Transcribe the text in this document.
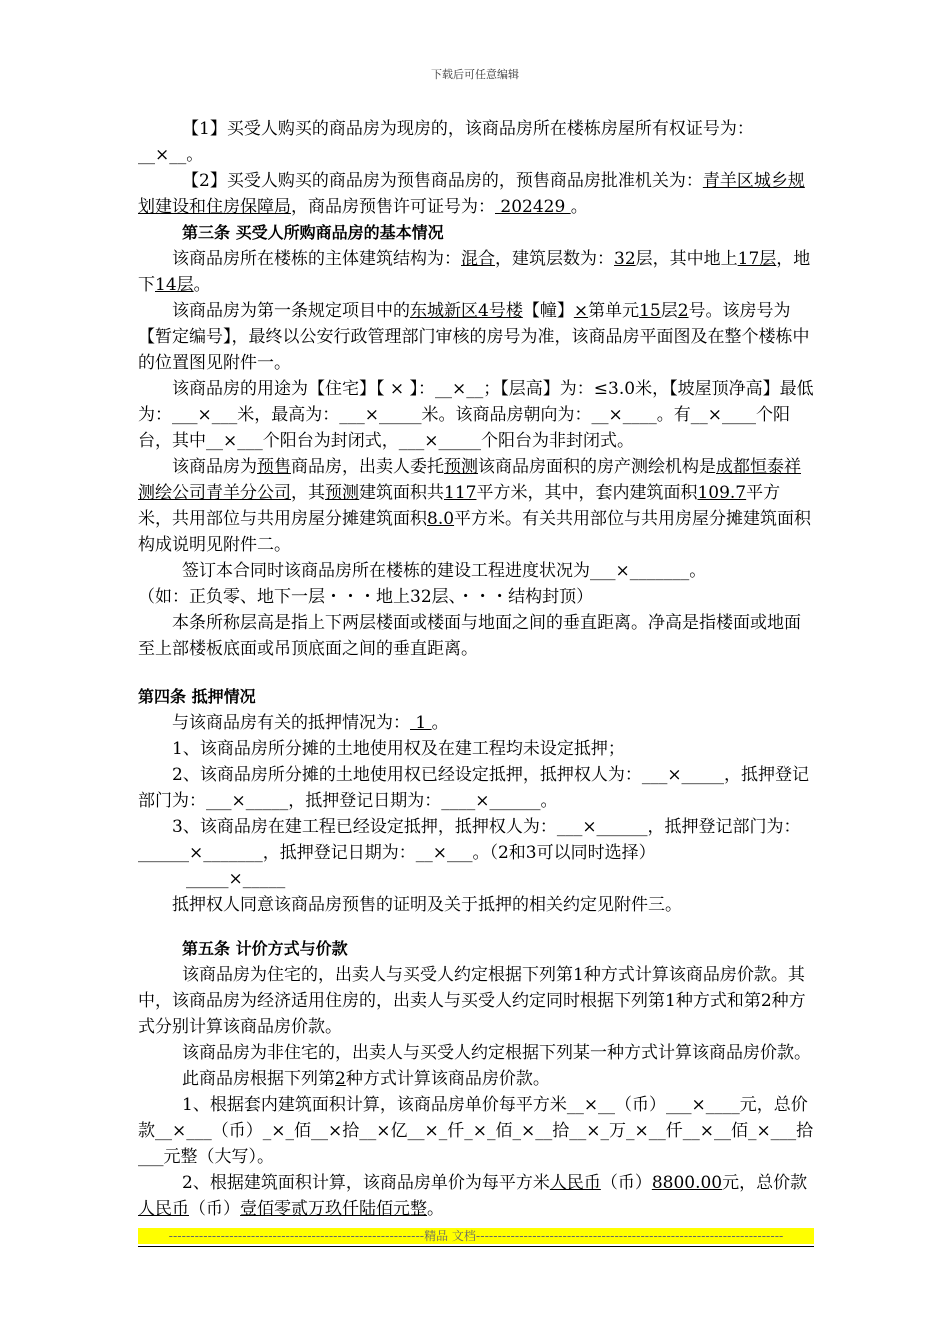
下载后可任意编辑

【1】买受人购买的商品房为现房的，该商品房所在楼栋房屋所有权证号为：__×__。

【2】买受人购买的商品房为预售商品房的，预售商品房批准机关为：青羊区城乡规划建设和住房保障局，商品房预售许可证号为： 202429 。

第三条 买受人所购商品房的基本情况

该商品房所在楼栋的主体建筑结构为：混合，建筑层数为：32层，其中地上17层，地下14层。

该商品房为第一条规定项目中的东城新区4号楼【幢】×第单元15层2号。该房号为【暂定编号】，最终以公安行政管理部门审核的房号为准，该商品房平面图及在整个楼栋中的位置图见附件一。

该商品房的用途为【住宅】【 × 】：__×__；【层高】为：≤3.0米，【坡屋顶净高】最低为：___×___米，最高为：___×_____米。该商品房朝向为：__×____。有__×____个阳台，其中__×___个阳台为封闭式，___×_____个阳台为非封闭式。

该商品房为预售商品房，出卖人委托预测该商品房面积的房产测绘机构是成都恒泰祥测绘公司青羊分公司，其预测建筑面积共117平方米，其中，套内建筑面积109.7平方米，共用部位与共用房屋分摊建筑面积8.0平方米。有关共用部位与共用房屋分摊建筑面积构成说明见附件二。

签订本合同时该商品房所在楼栋的建设工程进度状况为___×_______。

（如：正负零、地下一层・・・地上32层、・・・结构封顶）

本条所称层高是指上下两层楼面或楼面与地面之间的垂直距离。净高是指楼面或地面至上部楼板底面或吊顶底面之间的垂直距离。

第四条 抵押情况

与该商品房有关的抵押情况为： 1 。

1、该商品房所分摊的土地使用权及在建工程均未设定抵押；

2、该商品房所分摊的土地使用权已经设定抵押，抵押权人为：___×_____，抵押登记部门为：___×_____，抵押登记日期为：____×______。

3、该商品房在建工程已经设定抵押，抵押权人为：___×______，抵押登记部门为：______×_______，抵押登记日期为：__×___。（2和3可以同时选择）

_____×_____

抵押权人同意该商品房预售的证明及关于抵押的相关约定见附件三。

第五条 计价方式与价款

该商品房为住宅的，出卖人与买受人约定根据下列第1种方式计算该商品房价款。其中，该商品房为经济适用住房的，出卖人与买受人约定同时根据下列第1种方式和第2种方式分别计算该商品房价款。

该商品房为非住宅的，出卖人与买受人约定根据下列某一种方式计算该商品房价款。

此商品房根据下列第2种方式计算该商品房价款。

1、根据套内建筑面积计算，该商品房单价每平方米__×__（币）___×____元，总价款__×___（币）_×_佰__×拾__×亿__×_仟_×_佰_×__拾__×_万_×__仟__×__佰_×___拾___元整（大写）。

2、根据建筑面积计算，该商品房单价为每平方米人民币（币）8800.00元，总价款人民币（币）壹佰零贰万玖仟陆佰元整。

-----------------------------------------------------------精品 文档-----------------------------------------------------------------------
